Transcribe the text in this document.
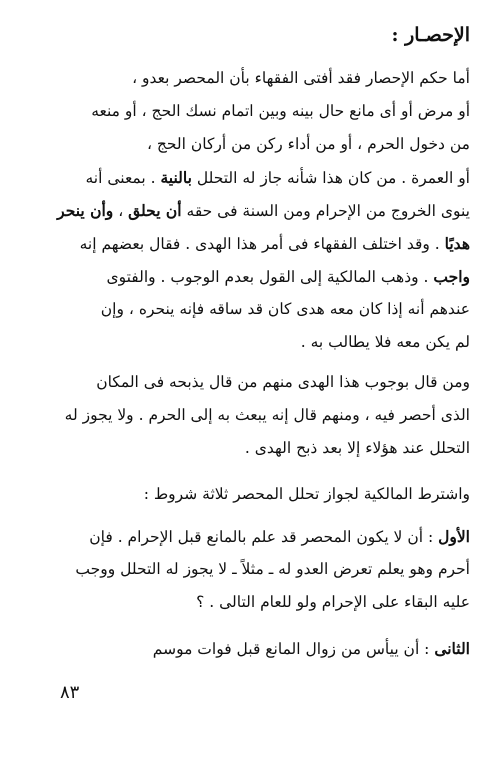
الإحصـار :
أما حكم الإحصار فقد أفتى الفقهاء بأن المحصر بعدو ،
أو مرض أو أى مانع حال بينه وبين اتمام نسك الحج ، أو منعه
من دخول الحرم ، أو من أداء ركن من أركان الحج ،
أو العمرة . من كان هذا شأنه جاز له التحلل بالنية . بمعنى أنه
ينوى الخروج من الإحرام ومن السنة فى حقه أن يحلق ، وأن ينحر
هديًا . وقد اختلف الفقهاء فى أمر هذا الهدى . فقال بعضهم إنه
واجب . وذهب المالكية إلى القول بعدم الوجوب . والفتوى
عندهم أنه إذا كان معه هدى كان قد ساقه فإنه ينحره ، وإن
لم يكن معه فلا يطالب به .
ومن قال بوجوب هذا الهدى منهم من قال يذبحه فى المكان
الذى أحصر فيه ، ومنهم قال إنه يبعث به إلى الحرم . ولا يجوز له
التحلل عند هؤلاء إلا بعد ذبح الهدى .
واشترط المالكية لجواز تحلل المحصر ثلاثة شروط :
الأول : أن لا يكون المحصر قد علم بالمانع قبل الإحرام . فإن
أحرم وهو يعلم تعرض العدو له ـ مثلاً ـ لا يجوز له التحلل ووجب
عليه البقاء على الإحرام ولو للعام التالى . ؟
الثانى : أن ييأس من زوال المانع قبل فوات موسم
٨٣
